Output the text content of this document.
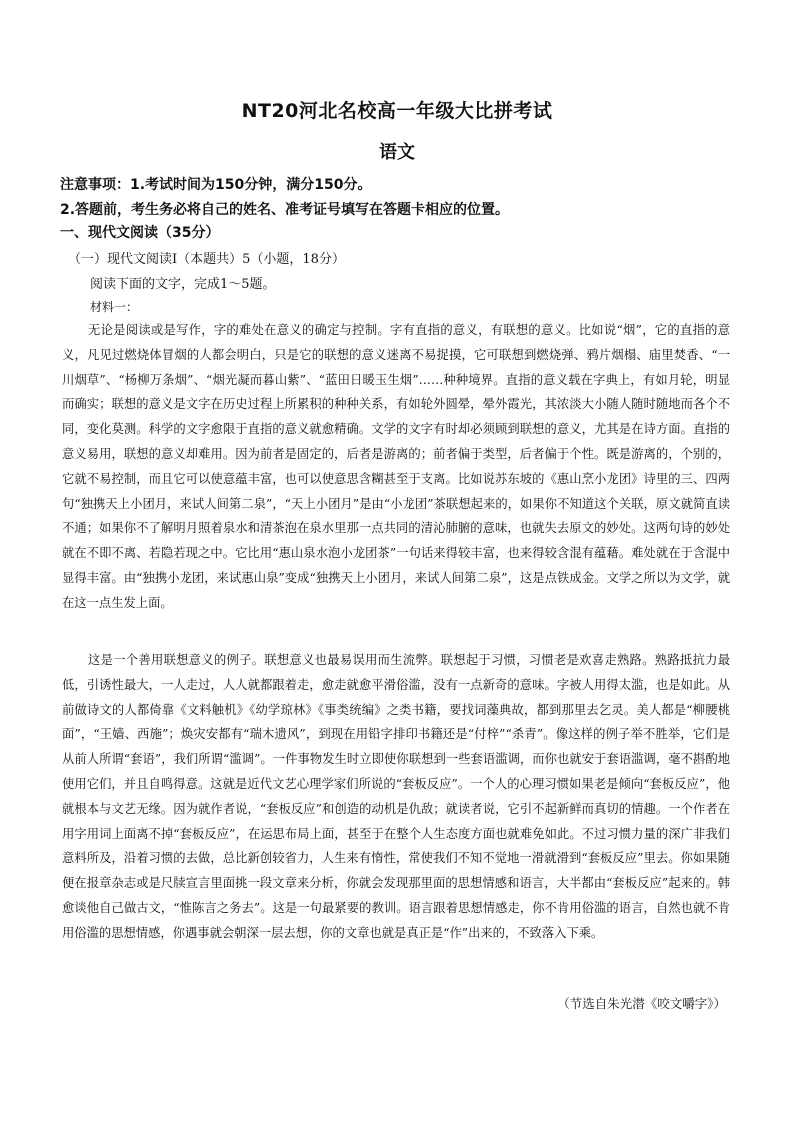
NT20河北名校高一年级大比拼考试
语文
注意事项：1.考试时间为150分钟，满分150分。
2.答题前，考生务必将自己的姓名、准考证号填写在答题卡相应的位置。
一、现代文阅读（35分）
（一）现代文阅读Ⅰ（本题共）5（小题，18分）
阅读下面的文字，完成1～5题。
材料一：

无论是阅读或是写作，字的难处在意义的确定与控制。字有直指的意义，有联想的意义。比如说“烟”，它的直指的意义，凡见过燃烧体冒烟的人都会明白，只是它的联想的意义迷离不易捉摸，它可联想到燃烧弹、鸦片烟榻、庙里焚香、“一川烟草”、“杨柳万条烟”、“烟光凝而暮山紫”、“蓝田日暖玉生烟”……种种境界。直指的意义载在字典上，有如月轮，明显而确实；联想的意义是文字在历史过程上所累积的种种关系，有如轮外圆晕，晕外霞光，其浓淡大小随人随时随地而各个不同，变化莫测。科学的文字愈限于直指的意义就愈精确。文学的文字有时却必须顾到联想的意义，尤其是在诗方面。直指的意义易用，联想的意义却难用。因为前者是固定的，后者是游离的；前者偏于类型，后者偏于个性。既是游离的，个别的，它就不易控制，而且它可以使意蕴丰富，也可以使意思含糊甚至于支离。比如说苏东坡的《惠山烹小龙团》诗里的三、四两句“独携天上小团月，来试人间第二泉”，“天上小团月”是由“小龙团”茶联想起来的，如果你不知道这个关联，原文就简直读不通；如果你不了解明月照着泉水和清茶泡在泉水里那一点共同的清沁肺腑的意味，也就失去原文的妙处。这两句诗的妙处就在不即不离、若隐若现之中。它比用“惠山泉水泡小龙团茶”一句话来得较丰富，也来得较含混有蕴藉。难处就在于含混中显得丰富。由“独携小龙团，来试惠山泉”变成“独携天上小团月，来试人间第二泉”，这是点铁成金。文学之所以为文学，就在这一点生发上面。

这是一个善用联想意义的例子。联想意义也最易误用而生流弊。联想起于习惯，习惯老是欢喜走熟路。熟路抵抗力最低，引诱性最大，一人走过，人人就都跟着走，愈走就愈平滑俗滥，没有一点新奇的意味。字被人用得太滥，也是如此。从前做诗文的人都倚靠《文料触机》《幼学琼林》《事类统编》之类书籍，要找词藻典故，都到那里去乞灵。美人都是“柳腰桃面”，“王嫱、西施”；焕灾安都有“瑞木遗风”，到现在用铅字排印书籍还是“付梓”“杀青”。像这样的例子举不胜举，它们是从前人所谓“套语”，我们所谓“滥调”。一件事物发生时立即使你联想到一些套语滥调，而你也就安于套语滥调，毫不斟酌地使用它们，并且自鸣得意。这就是近代文艺心理学家们所说的“套板反应”。一个人的心理习惯如果老是倾向“套板反应”，他就根本与文艺无缘。因为就作者说，“套板反应”和创造的动机是仇敌；就读者说，它引不起新鲜而真切的情趣。一个作者在用字用词上面离不掉“套板反应”，在运思布局上面，甚至于在整个人生态度方面也就难免如此。不过习惯力量的深广非我们意料所及，沿着习惯的去做，总比新创较省力，人生来有惰性，常使我们不知不觉地一滑就滑到“套板反应”里去。你如果随便在报章杂志或是尺牍宣言里面挑一段文章来分析，你就会发现那里面的思想情感和语言，大半都由“套板反应”起来的。韩愈谈他自己做古文，“惟陈言之务去”。这是一句最紧要的教训。语言跟着思想情感走，你不肯用俗滥的语言，自然也就不肯用俗滥的思想情感，你遇事就会朝深一层去想，你的文章也就是真正是“作”出来的，不致落入下乘。

（节选自朱光潜《咬文嚼字》）
